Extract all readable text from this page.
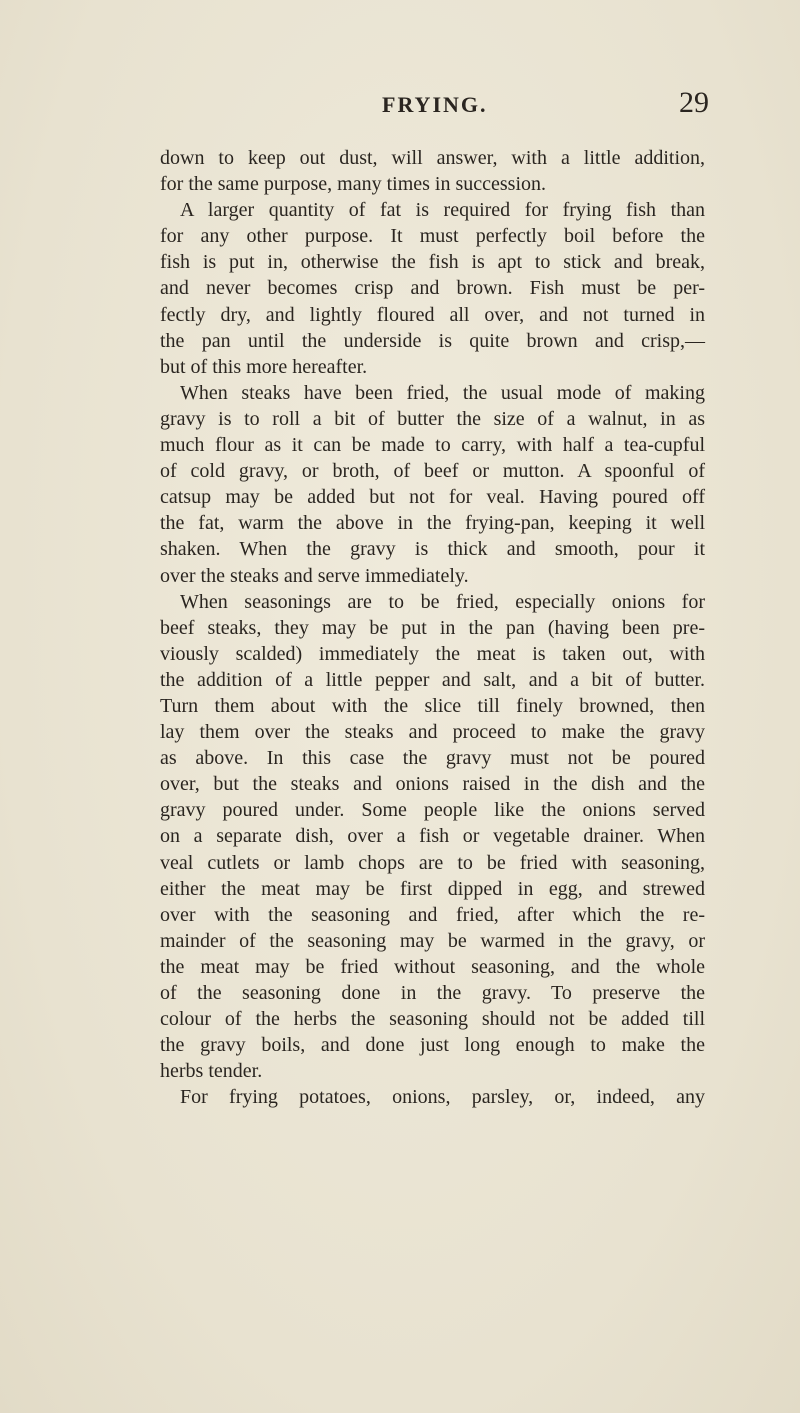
FRYING.	29
down to keep out dust, will answer, with a little addition,
for the same purpose, many times in succession.
A larger quantity of fat is required for frying fish than
for any other purpose. It must perfectly boil before the
fish is put in, otherwise the fish is apt to stick and break,
and never becomes crisp and brown. Fish must be per-
fectly dry, and lightly floured all over, and not turned in
the pan until the underside is quite brown and crisp,—
but of this more hereafter.
When steaks have been fried, the usual mode of making
gravy is to roll a bit of butter the size of a walnut, in as
much flour as it can be made to carry, with half a tea-cupful
of cold gravy, or broth, of beef or mutton. A spoonful of
catsup may be added but not for veal. Having poured off
the fat, warm the above in the frying-pan, keeping it well
shaken. When the gravy is thick and smooth, pour it
over the steaks and serve immediately.
When seasonings are to be fried, especially onions for
beef steaks, they may be put in the pan (having been pre-
viously scalded) immediately the meat is taken out, with
the addition of a little pepper and salt, and a bit of butter.
Turn them about with the slice till finely browned, then
lay them over the steaks and proceed to make the gravy
as above. In this case the gravy must not be poured
over, but the steaks and onions raised in the dish and the
gravy poured under. Some people like the onions served
on a separate dish, over a fish or vegetable drainer. When
veal cutlets or lamb chops are to be fried with seasoning,
either the meat may be first dipped in egg, and strewed
over with the seasoning and fried, after which the re-
mainder of the seasoning may be warmed in the gravy, or
the meat may be fried without seasoning, and the whole
of the seasoning done in the gravy. To preserve the
colour of the herbs the seasoning should not be added till
the gravy boils, and done just long enough to make the
herbs tender.
For frying potatoes, onions, parsley, or, indeed, any
